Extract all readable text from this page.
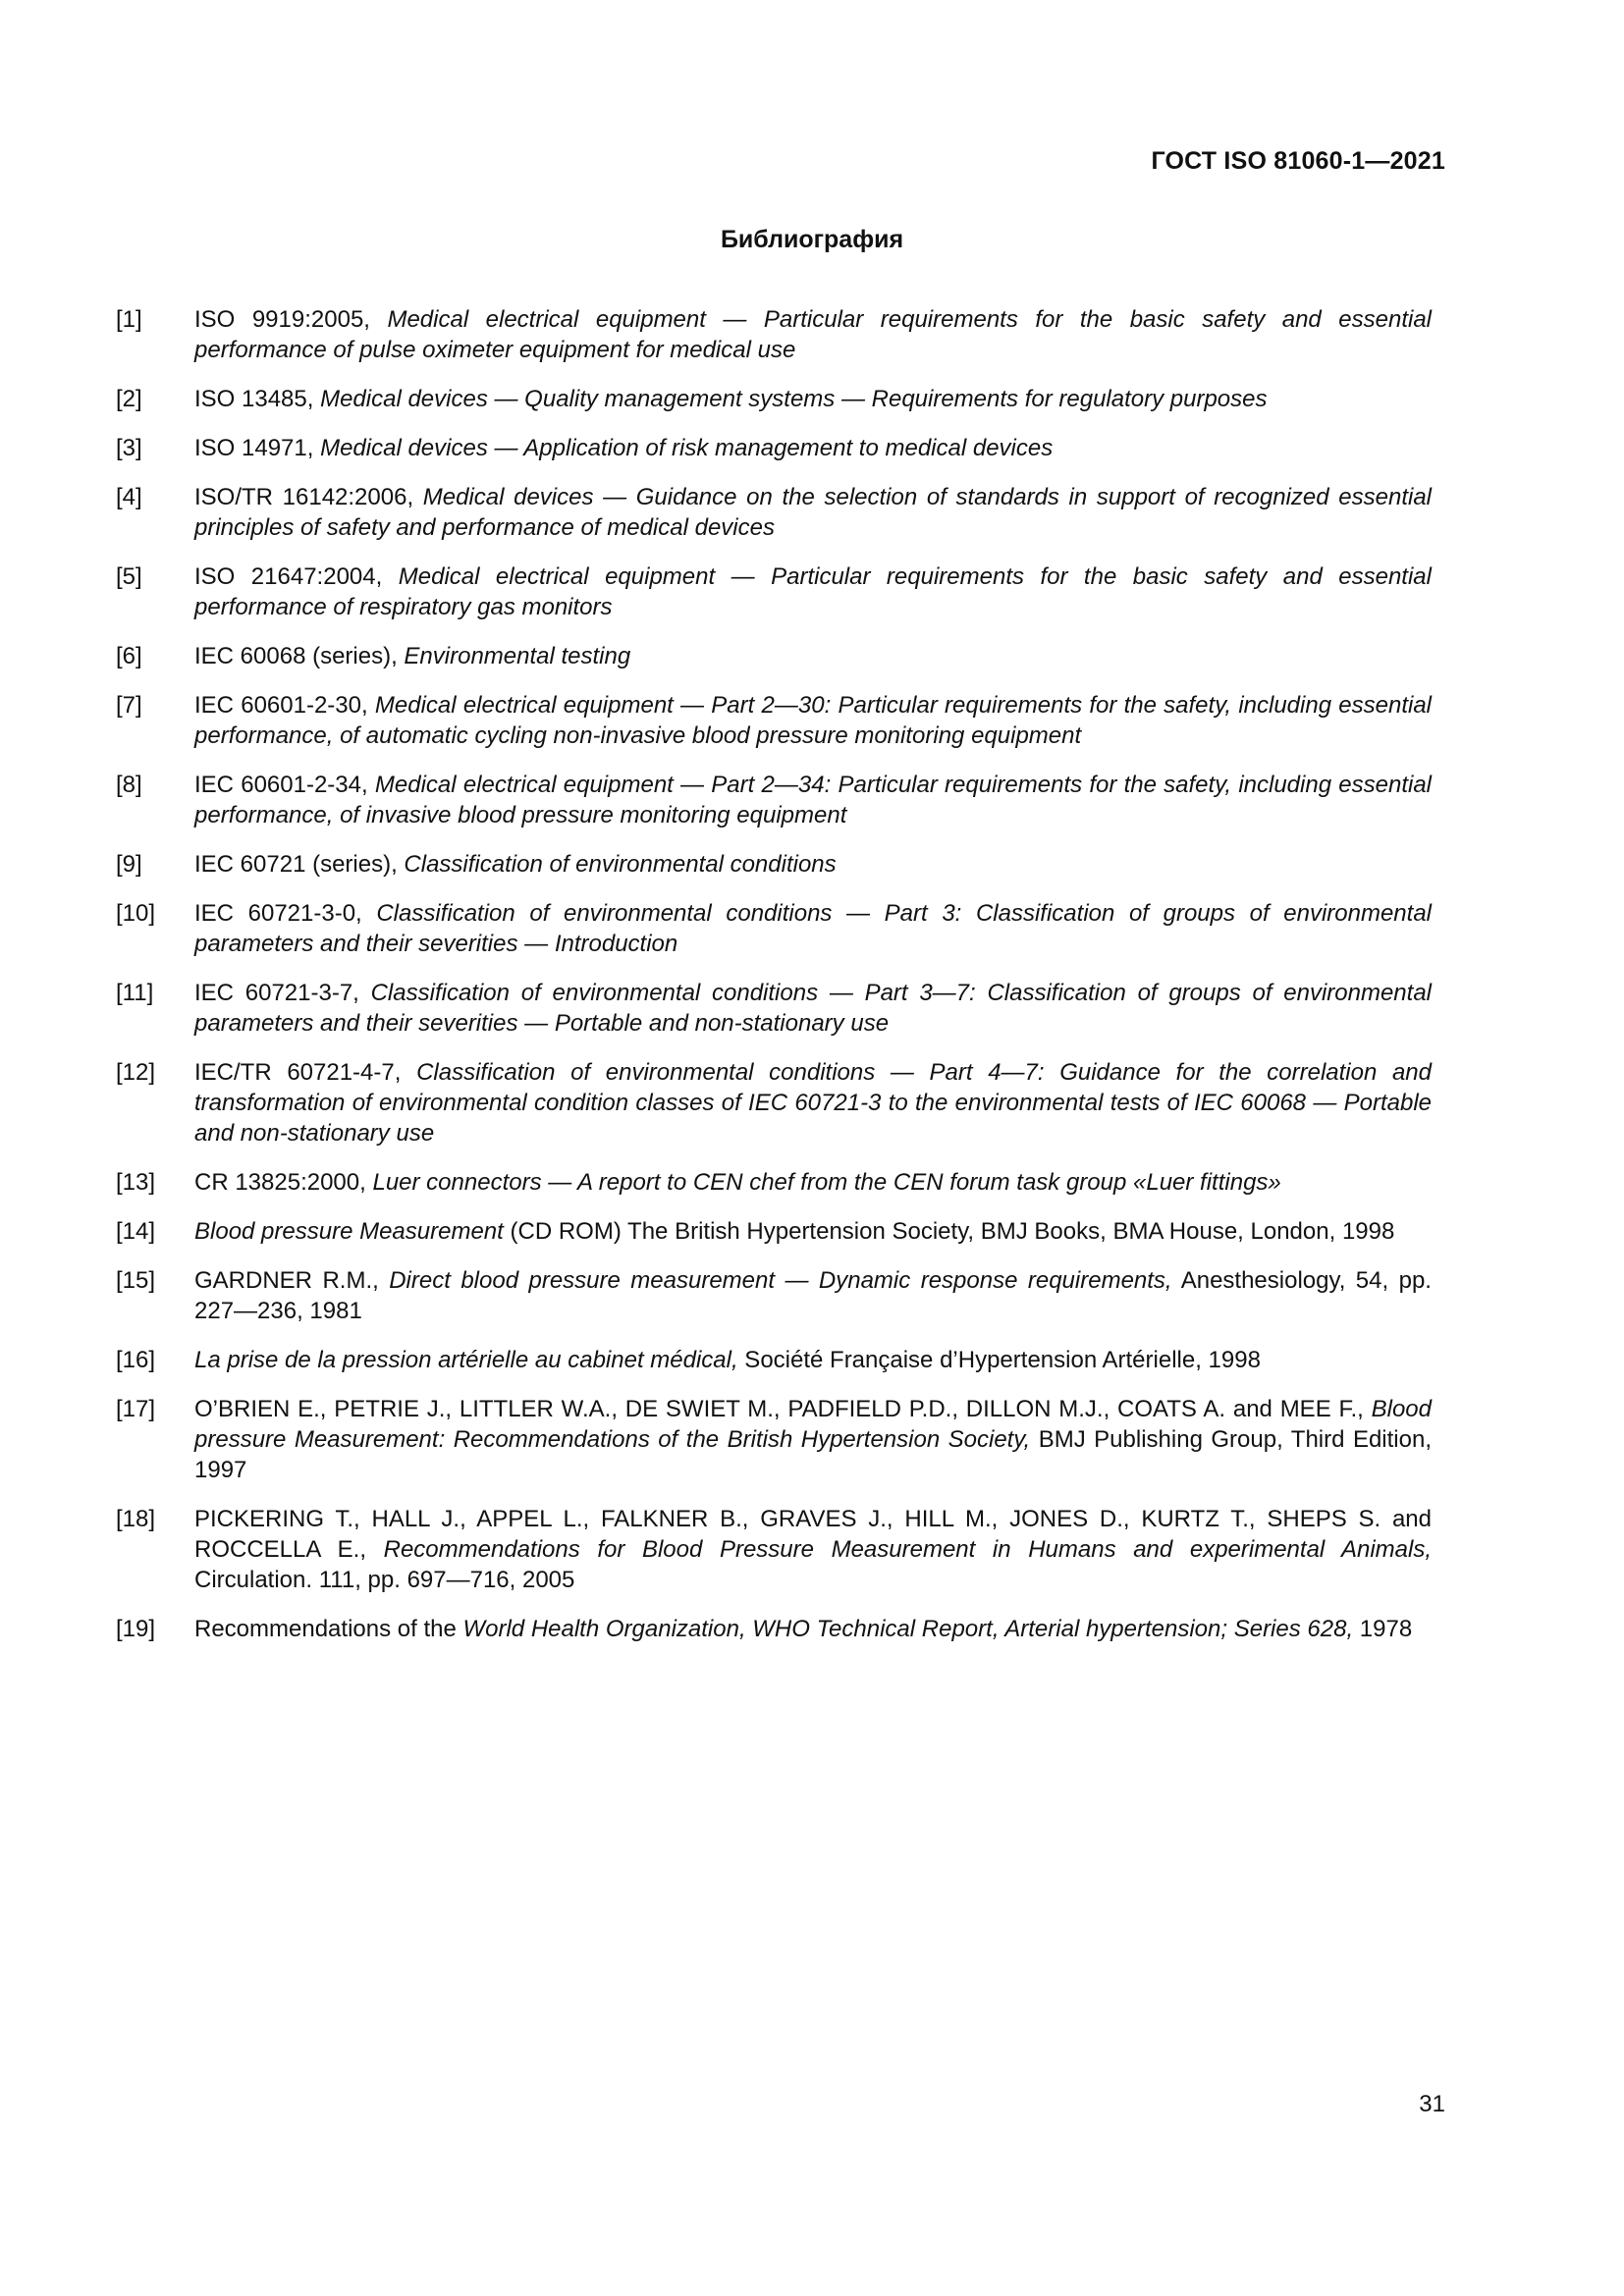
ГОСТ ISO 81060-1—2021
Библиография
[1]	ISO 9919:2005, Medical electrical equipment — Particular requirements for the basic safety and essential performance of pulse oximeter equipment for medical use
[2]	ISO 13485, Medical devices — Quality management systems — Requirements for regulatory purposes
[3]	ISO 14971, Medical devices — Application of risk management to medical devices
[4]	ISO/TR 16142:2006, Medical devices — Guidance on the selection of standards in support of recognized essential principles of safety and performance of medical devices
[5]	ISO 21647:2004, Medical electrical equipment — Particular requirements for the basic safety and essential performance of respiratory gas monitors
[6]	IEC 60068 (series), Environmental testing
[7]	IEC 60601-2-30, Medical electrical equipment — Part 2—30: Particular requirements for the safety, including essential performance, of automatic cycling non-invasive blood pressure monitoring equipment
[8]	IEC 60601-2-34, Medical electrical equipment — Part 2—34: Particular requirements for the safety, including essential performance, of invasive blood pressure monitoring equipment
[9]	IEC 60721 (series), Classification of environmental conditions
[10]	IEC 60721-3-0, Classification of environmental conditions — Part 3: Classification of groups of environmental parameters and their severities — Introduction
[11]	IEC 60721-3-7, Classification of environmental conditions — Part 3—7: Classification of groups of environmental parameters and their severities — Portable and non-stationary use
[12]	IEC/TR 60721-4-7, Classification of environmental conditions — Part 4—7: Guidance for the correlation and transformation of environmental condition classes of IEC 60721-3 to the environmental tests of IEC 60068 — Portable and non-stationary use
[13]	CR 13825:2000, Luer connectors — A report to CEN chef from the CEN forum task group «Luer fittings»
[14]	Blood pressure Measurement (CD ROM) The British Hypertension Society, BMJ Books, BMA House, London, 1998
[15]	GARDNER R.M., Direct blood pressure measurement — Dynamic response requirements, Anesthesiology, 54, pp. 227—236, 1981
[16]	La prise de la pression artérielle au cabinet médical, Société Française d’Hypertension Artérielle, 1998
[17]	O’BRIEN E., PETRIE J., LITTLER W.A., DE SWIET M., PADFIELD P.D., DILLON M.J., COATS A. and MEE F., Blood pressure Measurement: Recommendations of the British Hypertension Society, BMJ Publishing Group, Third Edition, 1997
[18]	PICKERING T., HALL J., APPEL L., FALKNER B., GRAVES J., HILL M., JONES D., KURTZ T., SHEPS S. and ROCCELLA E., Recommendations for Blood Pressure Measurement in Humans and experimental Animals, Circulation. 111, pp. 697—716, 2005
[19]	Recommendations of the World Health Organization, WHO Technical Report, Arterial hypertension; Series 628, 1978
31
